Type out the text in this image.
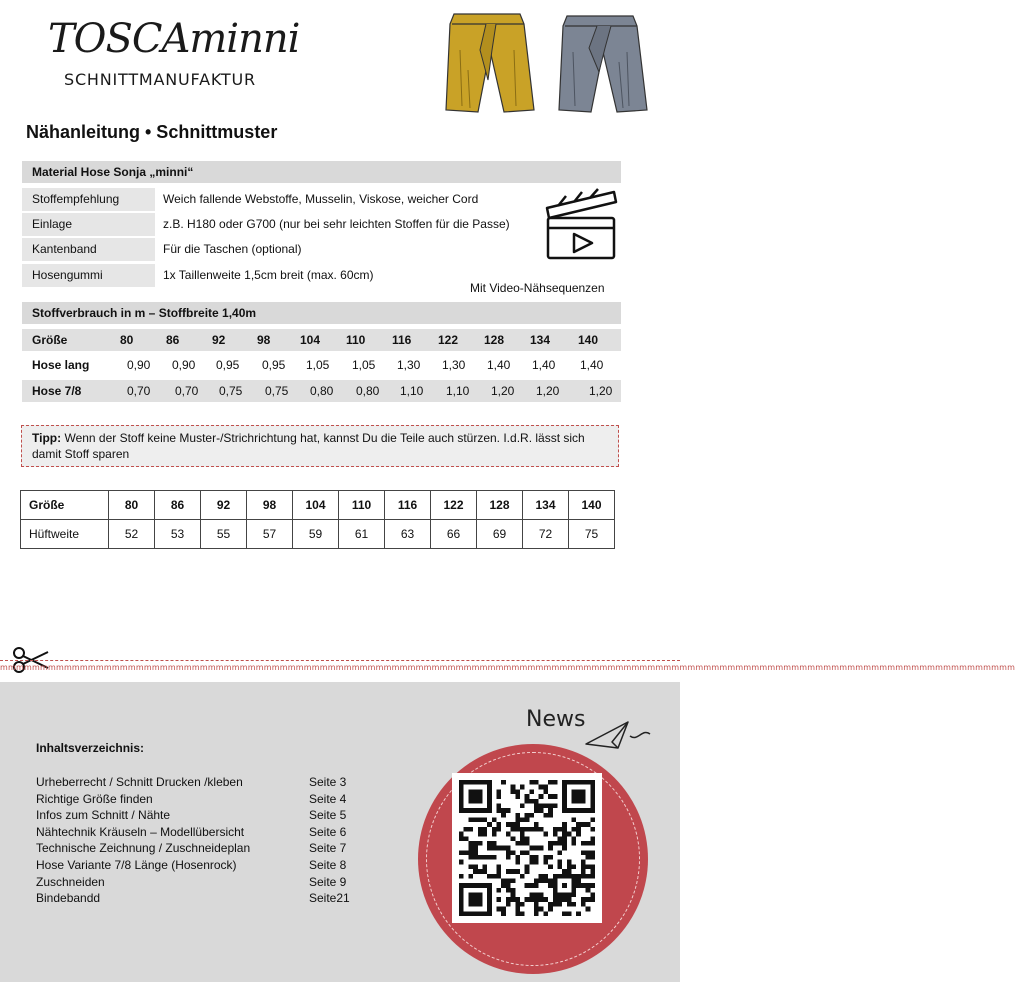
TOSCAminni
SCHNITTMANUFAKTUR
Nähanleitung • Schnittmuster
Material Hose Sonja „minni“
Stoffempfehlung	Weich fallende Webstoffe, Musselin, Viskose, weicher Cord
Einlage	z.B. H180 oder G700 (nur bei sehr leichten Stoffen für die Passe)
Kantenband	Für die Taschen (optional)
Hosengummi	1x Taillenweite 1,5cm breit (max. 60cm)
Mit Video-Nähsequenzen
Stoffverbrauch in m – Stoffbreite 1,40m
Größe	80	86	92	98 104 110 116 122 128 134 140
Hose lang	0,90 0,90 0,95 0,95 1,05 1,05 1,30 1,30 1,40 1,40 1,40
Hose 7/8	0,70 0,70 0,75 0,75 0,80 0,80 1,10 1,10 1,20 1,20 1,20
Tipp: Wenn der Stoff keine Muster-/Strichrichtung hat, kannst Du die Teile auch stürzen. I.d.R. lässt sich damit Stoff sparen
Größe	80	86	92	98	104	110	116	122	128	134	140
Hüftweite	52	53	55	57	59	61	63	66	69	72	75
mmmmmmmmmmmmmmmmmmmmmmmmmmmmmmmmmmmmmmmmmmmmmmmmmmmmmmmmmmmmmmmmmmmmmmmmmmmmmmmmmmmmmmmmmmmmmmmmmmmmmmmmmmmmmmmmmmmmmmmmmmmmmmm
Inhaltsverzeichnis:
Urheberrecht / Schnitt Drucken /kleben	Seite 3
Richtige Größe finden	Seite 4
Infos zum Schnitt / Nähte	Seite 5
Nähtechnik Kräuseln – Modellübersicht	Seite 6
Technische Zeichnung / Zuschneideplan	Seite 7
Hose Variante 7/8 Länge (Hosenrock)	Seite 8
Zuschneiden	Seite 9
Bindebandd	Seite21
News
